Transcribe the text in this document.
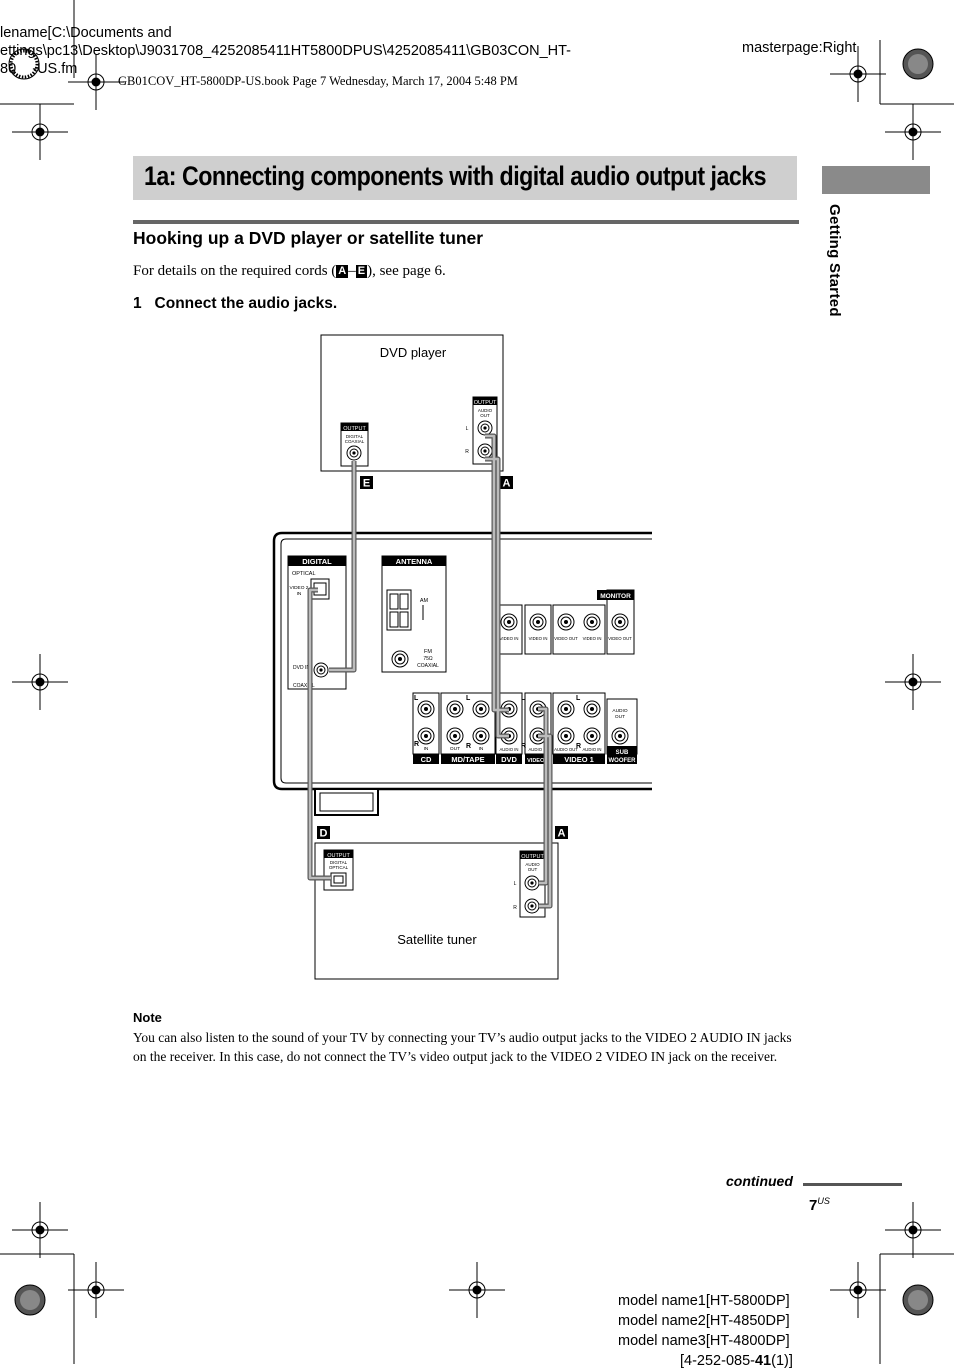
lename[C:\Documents and
ettings\pc13\Desktop\J9031708_4252085411HT5800DPUS\4252085411\GB03CON_HT-
80    -US.fm
masterpage:Right
GB01COV_HT-5800DP-US.book Page 7 Wednesday, March 17, 2004 5:48 PM
1a: Connecting components with digital audio output jacks
Hooking up a DVD player or satellite tuner
For details on the required cords ( A – E ), see page 6.
1 Connect the audio jacks.	Getting Started
DVD player
OUTPUT
DIGITAL
COAXIAL
OUTPUT
AUDIO
OUT
L
R
E	A
D	A
DIGITAL
OPTICAL
VIDEO 2
IN
DVD IN
COAXIAL
ANTENNA
AM
FM
75Ω
COAXIAL
MONITOR
VIDEO IN VIDEO IN VIDEO OUT VIDEO IN VIDEO OUT
L	L	L	L
R	R	R	R
IN	OUT	IN	AUDIO IN AUDIO IN AUDIO OUT AUDIO IN
AUDIO
OUT
CD	MD/TAPE DVD VIDEO 2 VIDEO 1
SUB
WOOFER
Satellite tuner
OUTPUT
DIGITAL
OPTICAL
OUTPUT
AUDIO
OUT
L
R
Note
You can also listen to the sound of your TV by connecting your TV’s audio output jacks to the VIDEO 2 AUDIO IN jacks on the receiver. In this case, do not connect the TV’s video output jack to the VIDEO 2 VIDEO IN jack on the receiver.
continued
$7^{US}$
model name1[HT-5800DP]
model name2[HT-4850DP]
model name3[HT-4800DP]
[4-252-085-41(1)]
